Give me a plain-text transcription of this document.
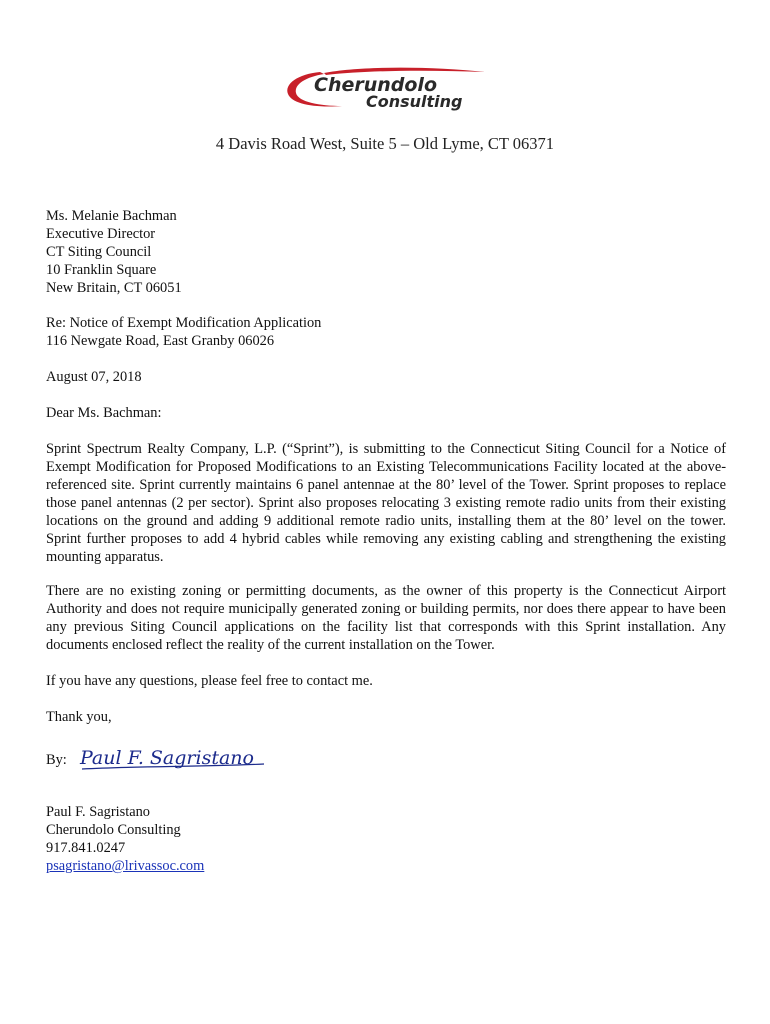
Cherundolo
Consulting
4 Davis Road West, Suite 5 – Old Lyme, CT 06371
Ms. Melanie Bachman
Executive Director
CT Siting Council
10 Franklin Square
New Britain, CT 06051
Re: Notice of Exempt Modification Application
116 Newgate Road, East Granby 06026
August 07, 2018
Dear Ms. Bachman:

Sprint Spectrum Realty Company, L.P. (“Sprint”), is submitting to the Connecticut Siting Council for a Notice of Exempt Modification for Proposed Modifications to an Existing Telecommunications Facility located at the above-referenced site. Sprint currently maintains 6 panel antennae at the 80’ level of the Tower. Sprint proposes to replace those panel antennas (2 per sector). Sprint also proposes relocating 3 existing remote radio units from their existing locations on the ground and adding 9 additional remote radio units, installing them at the 80’ level on the tower. Sprint further proposes to add 4 hybrid cables while removing any existing cabling and strengthening the existing mounting apparatus.

There are no existing zoning or permitting documents, as the owner of this property is the Connecticut Airport Authority and does not require municipally generated zoning or building permits, nor does there appear to have been any previous Siting Council applications on the facility list that corresponds with this Sprint installation. Any documents enclosed reflect the reality of the current installation on the Tower.

If you have any questions, please feel free to contact me.

Thank you,
By: Paul F. Sagristano
Paul F. Sagristano
Cherundolo Consulting
917.841.0247
psagristano@lrivassoc.com
